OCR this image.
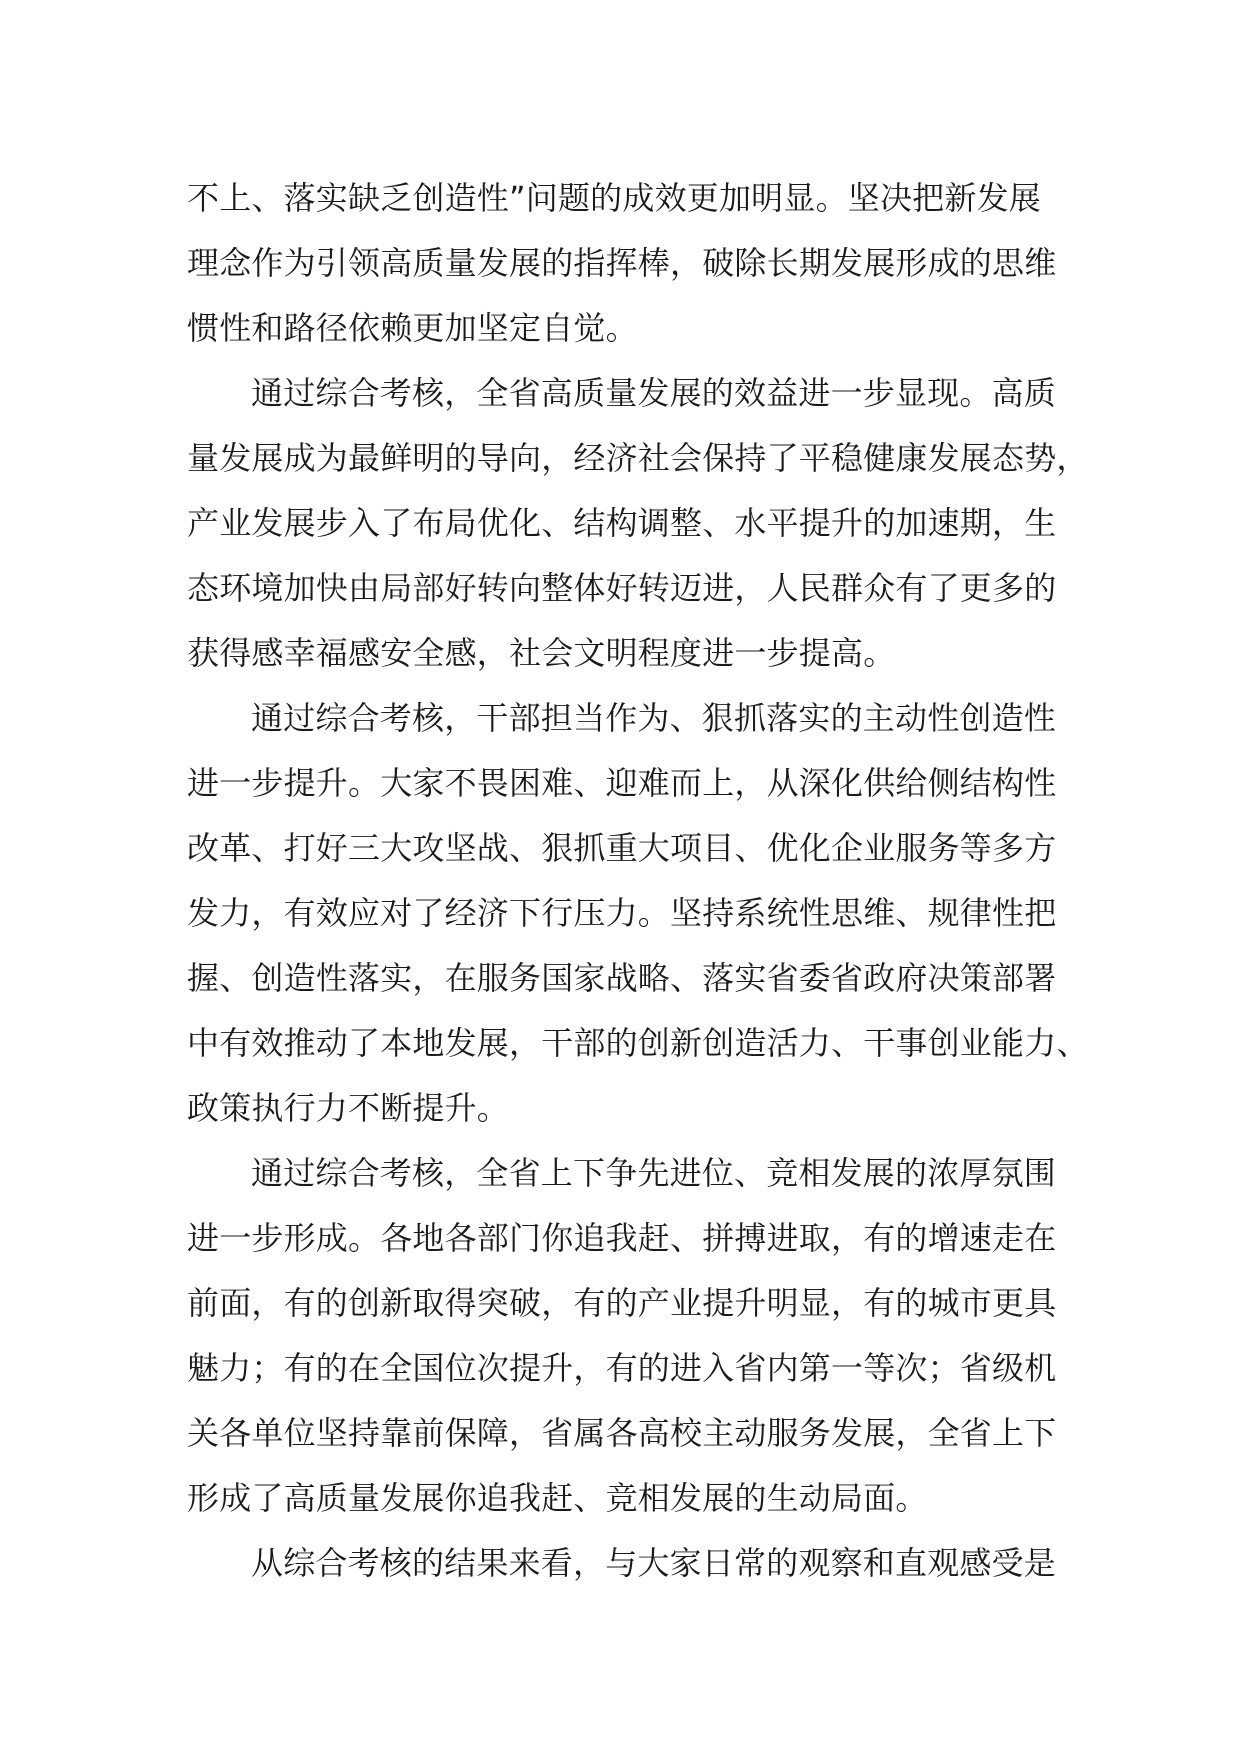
不上、落实缺乏创造性”问题的成效更加明显。坚决把新发展
理念作为引领高质量发展的指挥棒，破除长期发展形成的思维
惯性和路径依赖更加坚定自觉。
通过综合考核，全省高质量发展的效益进一步显现。高质
量发展成为最鲜明的导向，经济社会保持了平稳健康发展态势，
产业发展步入了布局优化、结构调整、水平提升的加速期，生
态环境加快由局部好转向整体好转迈进，人民群众有了更多的
获得感幸福感安全感，社会文明程度进一步提高。
通过综合考核，干部担当作为、狠抓落实的主动性创造性
进一步提升。大家不畏困难、迎难而上，从深化供给侧结构性
改革、打好三大攻坚战、狠抓重大项目、优化企业服务等多方
发力，有效应对了经济下行压力。坚持系统性思维、规律性把
握、创造性落实，在服务国家战略、落实省委省政府决策部署
中有效推动了本地发展，干部的创新创造活力、干事创业能力、
政策执行力不断提升。
通过综合考核，全省上下争先进位、竞相发展的浓厚氛围
进一步形成。各地各部门你追我赶、拼搏进取，有的增速走在
前面，有的创新取得突破，有的产业提升明显，有的城市更具
魅力；有的在全国位次提升，有的进入省内第一等次；省级机
关各单位坚持靠前保障，省属各高校主动服务发展，全省上下
形成了高质量发展你追我赶、竞相发展的生动局面。
从综合考核的结果来看，与大家日常的观察和直观感受是
